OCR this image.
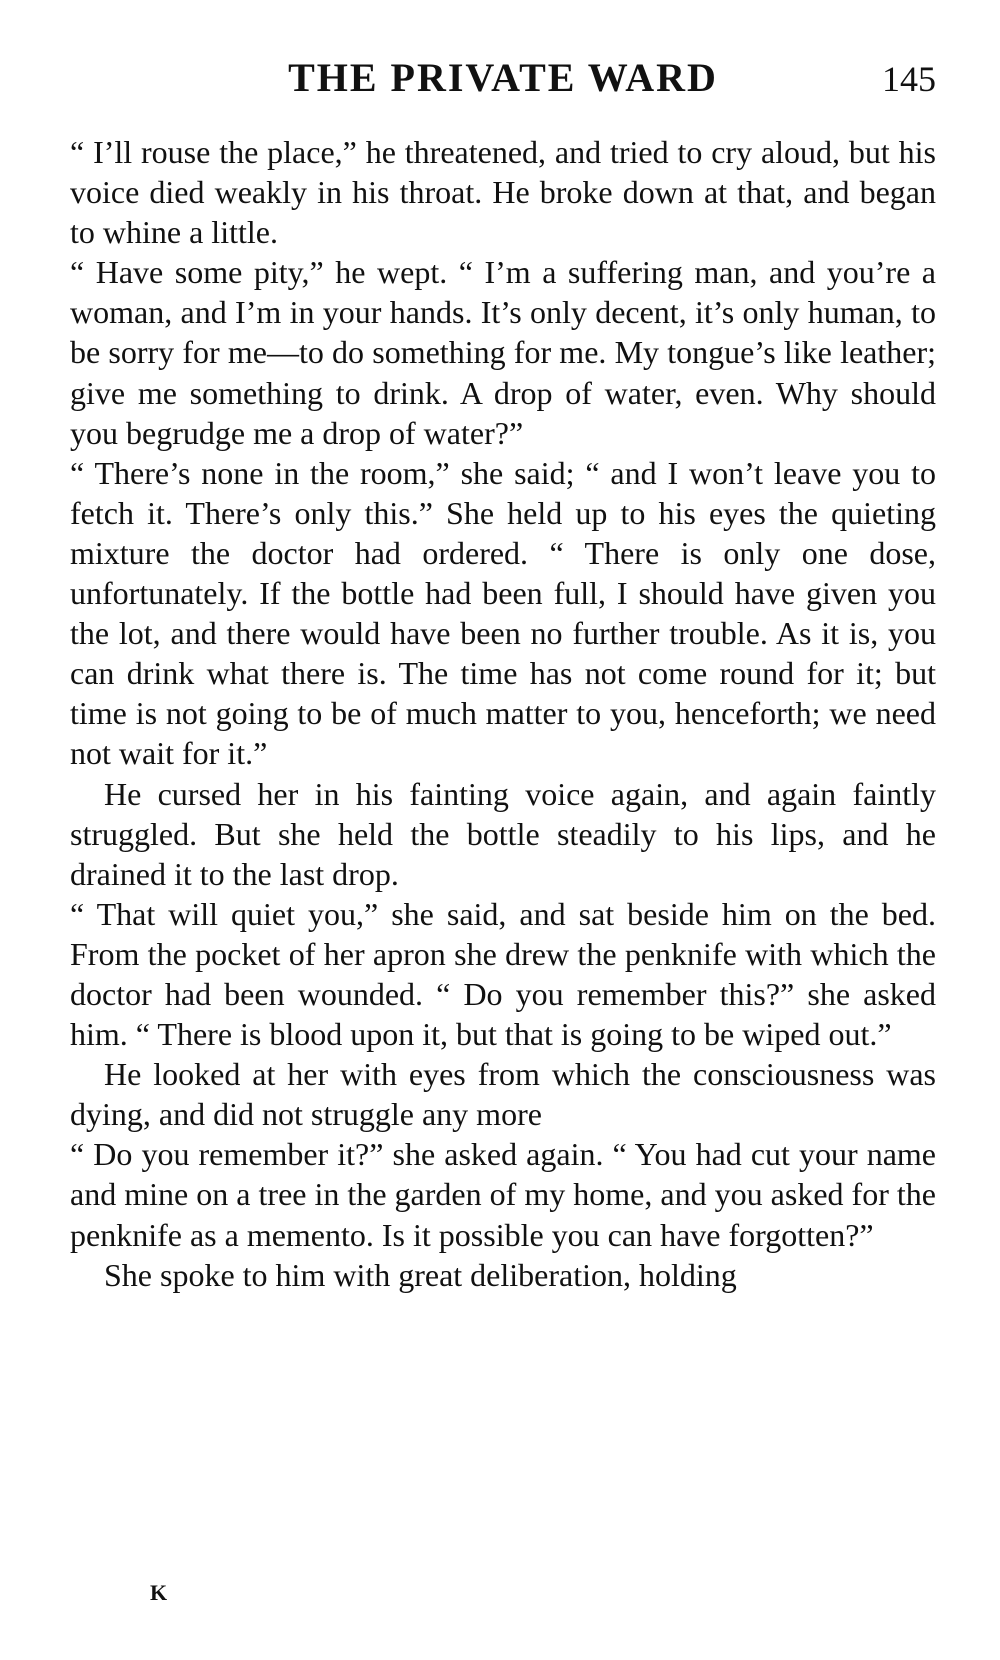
THE PRIVATE WARD	145

“ I’ll rouse the place,” he threatened, and tried to cry aloud, but his voice died weakly in his throat. He broke down at that, and began to whine a little.

“ Have some pity,” he wept. “ I’m a suffering man, and you’re a woman, and I’m in your hands. It’s only decent, it’s only human, to be sorry for me—to do something for me. My tongue’s like leather; give me something to drink. A drop of water, even. Why should you begrudge me a drop of water?”

“ There’s none in the room,” she said; “ and I won’t leave you to fetch it. There’s only this.” She held up to his eyes the quieting mixture the doctor had ordered. “ There is only one dose, unfortunately. If the bottle had been full, I should have given you the lot, and there would have been no further trouble. As it is, you can drink what there is. The time has not come round for it; but time is not going to be of much matter to you, henceforth; we need not wait for it.”

He cursed her in his fainting voice again, and again faintly struggled. But she held the bottle steadily to his lips, and he drained it to the last drop.

“ That will quiet you,” she said, and sat beside him on the bed. From the pocket of her apron she drew the penknife with which the doctor had been wounded. “ Do you remember this?” she asked him. “ There is blood upon it, but that is going to be wiped out.”

He looked at her with eyes from which the consciousness was dying, and did not struggle any more

“ Do you remember it?” she asked again. “ You had cut your name and mine on a tree in the garden of my home, and you asked for the penknife as a memento. Is it possible you can have forgotten?”

She spoke to him with great deliberation, holding

K
